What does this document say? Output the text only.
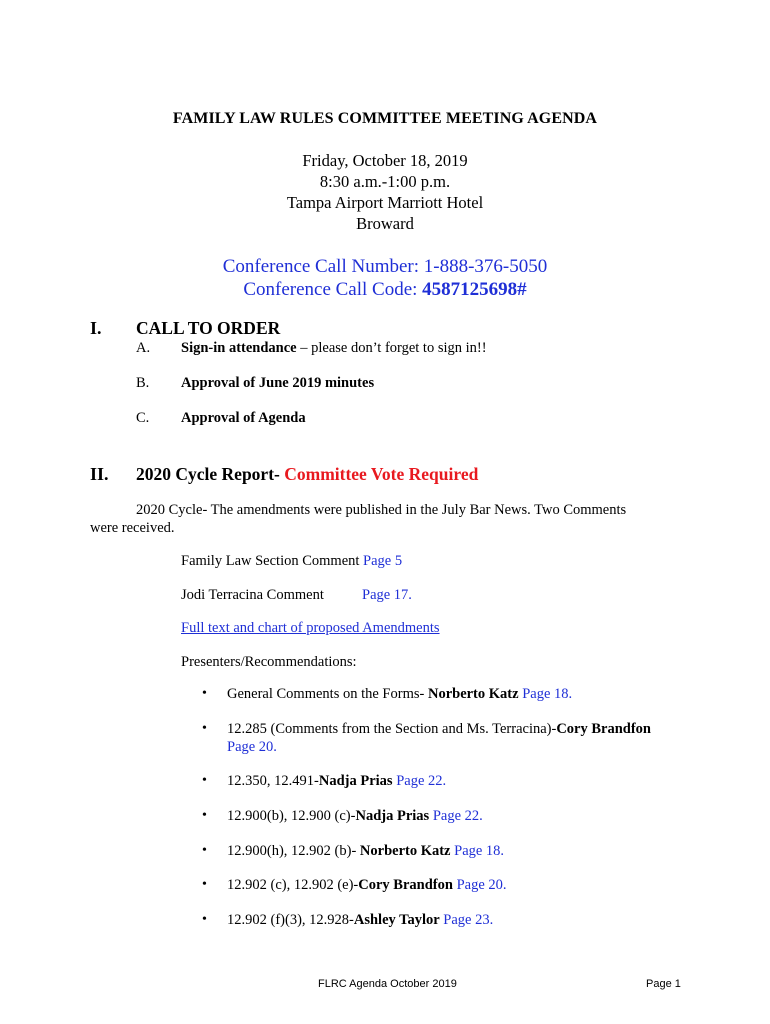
FAMILY LAW RULES COMMITTEE MEETING AGENDA
Friday, October 18, 2019
8:30 a.m.-1:00 p.m.
Tampa Airport Marriott Hotel
Broward
Conference Call Number: 1-888-376-5050
Conference Call Code: 4587125698#
I. CALL TO ORDER
A. Sign-in attendance – please don’t forget to sign in!!
B. Approval of June 2019 minutes
C. Approval of Agenda
II. 2020 Cycle Report- Committee Vote Required
2020 Cycle- The amendments were published in the July Bar News. Two Comments
were received.
Family Law Section Comment Page 5
Jodi Terracina Comment	Page 17.
Full text and chart of proposed Amendments
Presenters/Recommendations:
• General Comments on the Forms- Norberto Katz Page 18.
• 12.285 (Comments from the Section and Ms. Terracina)-Cory Brandfon
Page 20.
• 12.350, 12.491-Nadja Prias Page 22.
• 12.900(b), 12.900 (c)-Nadja Prias Page 22.
• 12.900(h), 12.902 (b)- Norberto Katz Page 18.
• 12.902 (c), 12.902 (e)-Cory Brandfon Page 20.
• 12.902 (f)(3), 12.928-Ashley Taylor Page 23.
FLRC Agenda October 2019	Page 1
